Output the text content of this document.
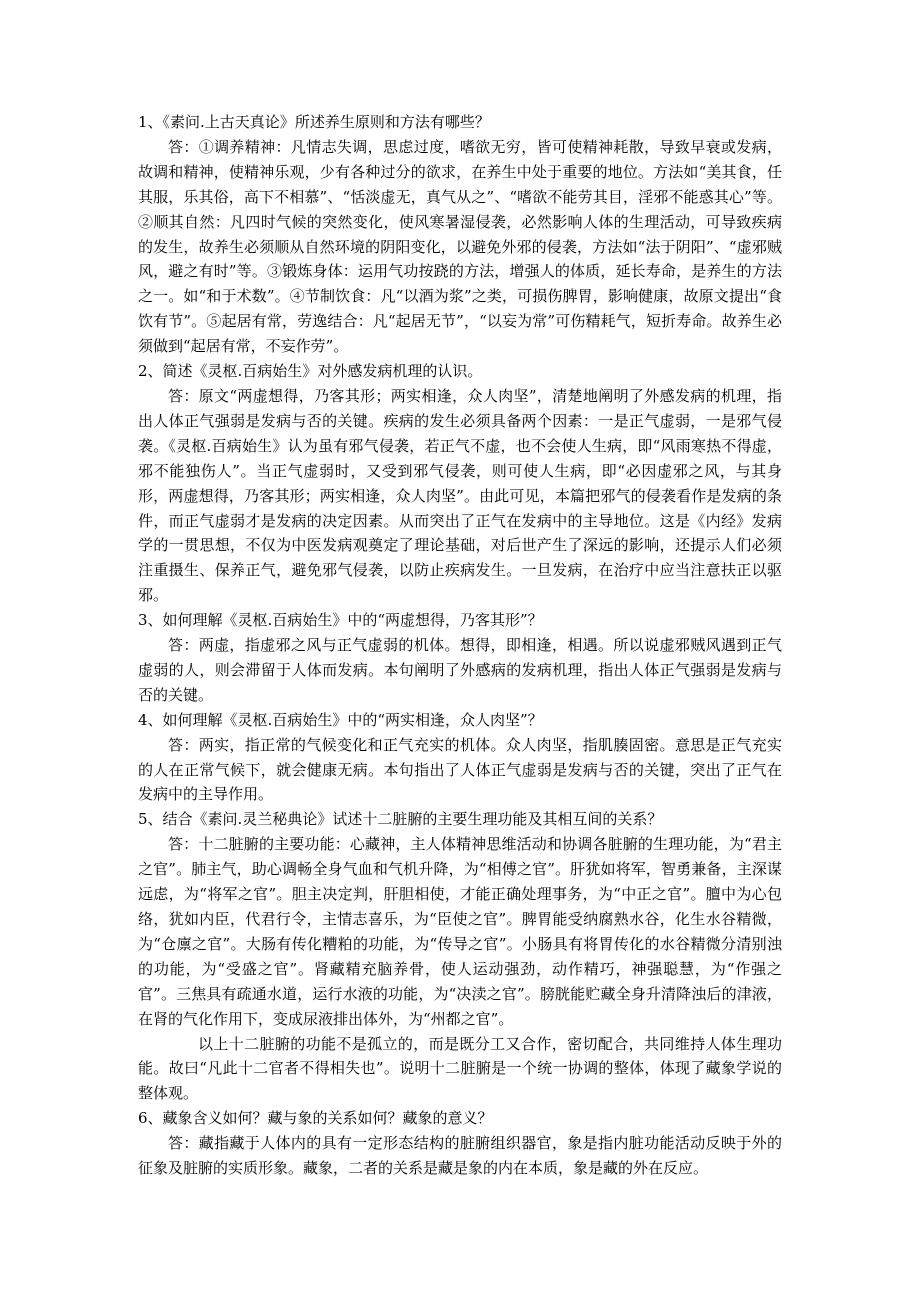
1、《素问.上古天真论》所述养生原则和方法有哪些？

答：①调养精神：凡情志失调，思虑过度，嗜欲无穷，皆可使精神耗散，导致早衰或发病，故调和精神，使精神乐观，少有各种过分的欲求，在养生中处于重要的地位。方法如“美其食，任其服，乐其俗，高下不相慕”、“恬淡虚无，真气从之”、“嗜欲不能劳其目，淫邪不能惑其心”等。②顺其自然：凡四时气候的突然变化，使风寒暑湿侵袭，必然影响人体的生理活动，可导致疾病的发生，故养生必须顺从自然环境的阴阳变化，以避免外邪的侵袭，方法如“法于阴阳”、“虚邪贼风，避之有时”等。③锻炼身体：运用气功按跷的方法，增强人的体质，延长寿命，是养生的方法之一。如“和于术数”。④节制饮食：凡“以酒为浆”之类，可损伤脾胃，影响健康，故原文提出“食饮有节”。⑤起居有常，劳逸结合：凡“起居无节”，“以妄为常”可伤精耗气，短折寿命。故养生必须做到“起居有常，不妄作劳”。

2、简述《灵枢.百病始生》对外感发病机理的认识。

答：原文“两虚想得，乃客其形；两实相逢，众人肉坚”，清楚地阐明了外感发病的机理，指出人体正气强弱是发病与否的关键。疾病的发生必须具备两个因素：一是正气虚弱，一是邪气侵袭。《灵枢.百病始生》认为虽有邪气侵袭，若正气不虚，也不会使人生病，即“风雨寒热不得虚，邪不能独伤人”。当正气虚弱时，又受到邪气侵袭，则可使人生病，即“必因虚邪之风，与其身形，两虚想得，乃客其形；两实相逢，众人肉坚”。由此可见，本篇把邪气的侵袭看作是发病的条件，而正气虚弱才是发病的决定因素。从而突出了正气在发病中的主导地位。这是《内经》发病学的一贯思想，不仅为中医发病观奠定了理论基础，对后世产生了深远的影响，还提示人们必须注重摄生、保养正气，避免邪气侵袭，以防止疾病发生。一旦发病，在治疗中应当注意扶正以驱邪。

3、如何理解《灵枢.百病始生》中的“两虚想得，乃客其形”？

答：两虚，指虚邪之风与正气虚弱的机体。想得，即相逢，相遇。所以说虚邪贼风遇到正气虚弱的人，则会滞留于人体而发病。本句阐明了外感病的发病机理，指出人体正气强弱是发病与否的关键。

4、如何理解《灵枢.百病始生》中的“两实相逢，众人肉坚”？

答：两实，指正常的气候变化和正气充实的机体。众人肉坚，指肌腠固密。意思是正气充实的人在正常气候下，就会健康无病。本句指出了人体正气虚弱是发病与否的关键，突出了正气在发病中的主导作用。

5、结合《素问.灵兰秘典论》试述十二脏腑的主要生理功能及其相互间的关系？

答：十二脏腑的主要功能：心藏神，主人体精神思维活动和协调各脏腑的生理功能，为“君主之官”。肺主气，助心调畅全身气血和气机升降，为“相傅之官”。肝犹如将军，智勇兼备，主深谋远虑，为“将军之官”。胆主决定判，肝胆相使，才能正确处理事务，为“中正之官”。膻中为心包络，犹如内臣，代君行令，主情志喜乐，为“臣使之官”。脾胃能受纳腐熟水谷，化生水谷精微，为“仓廪之官”。大肠有传化糟粕的功能，为“传导之官”。小肠具有将胃传化的水谷精微分清别浊的功能，为“受盛之官”。肾藏精充脑养骨，使人运动强劲，动作精巧，神强聪慧，为“作强之官”。三焦具有疏通水道，运行水液的功能，为“决渎之官”。膀胱能贮藏全身升清降浊后的津液，在肾的气化作用下，变成尿液排出体外，为“州都之官”。

以上十二脏腑的功能不是孤立的，而是既分工又合作，密切配合，共同维持人体生理功能。故曰“凡此十二官者不得相失也”。说明十二脏腑是一个统一协调的整体，体现了藏象学说的整体观。

6、藏象含义如何？藏与象的关系如何？藏象的意义？

答：藏指藏于人体内的具有一定形态结构的脏腑组织器官，象是指内脏功能活动反映于外的征象及脏腑的实质形象。藏象，二者的关系是藏是象的内在本质，象是藏的外在反应。
